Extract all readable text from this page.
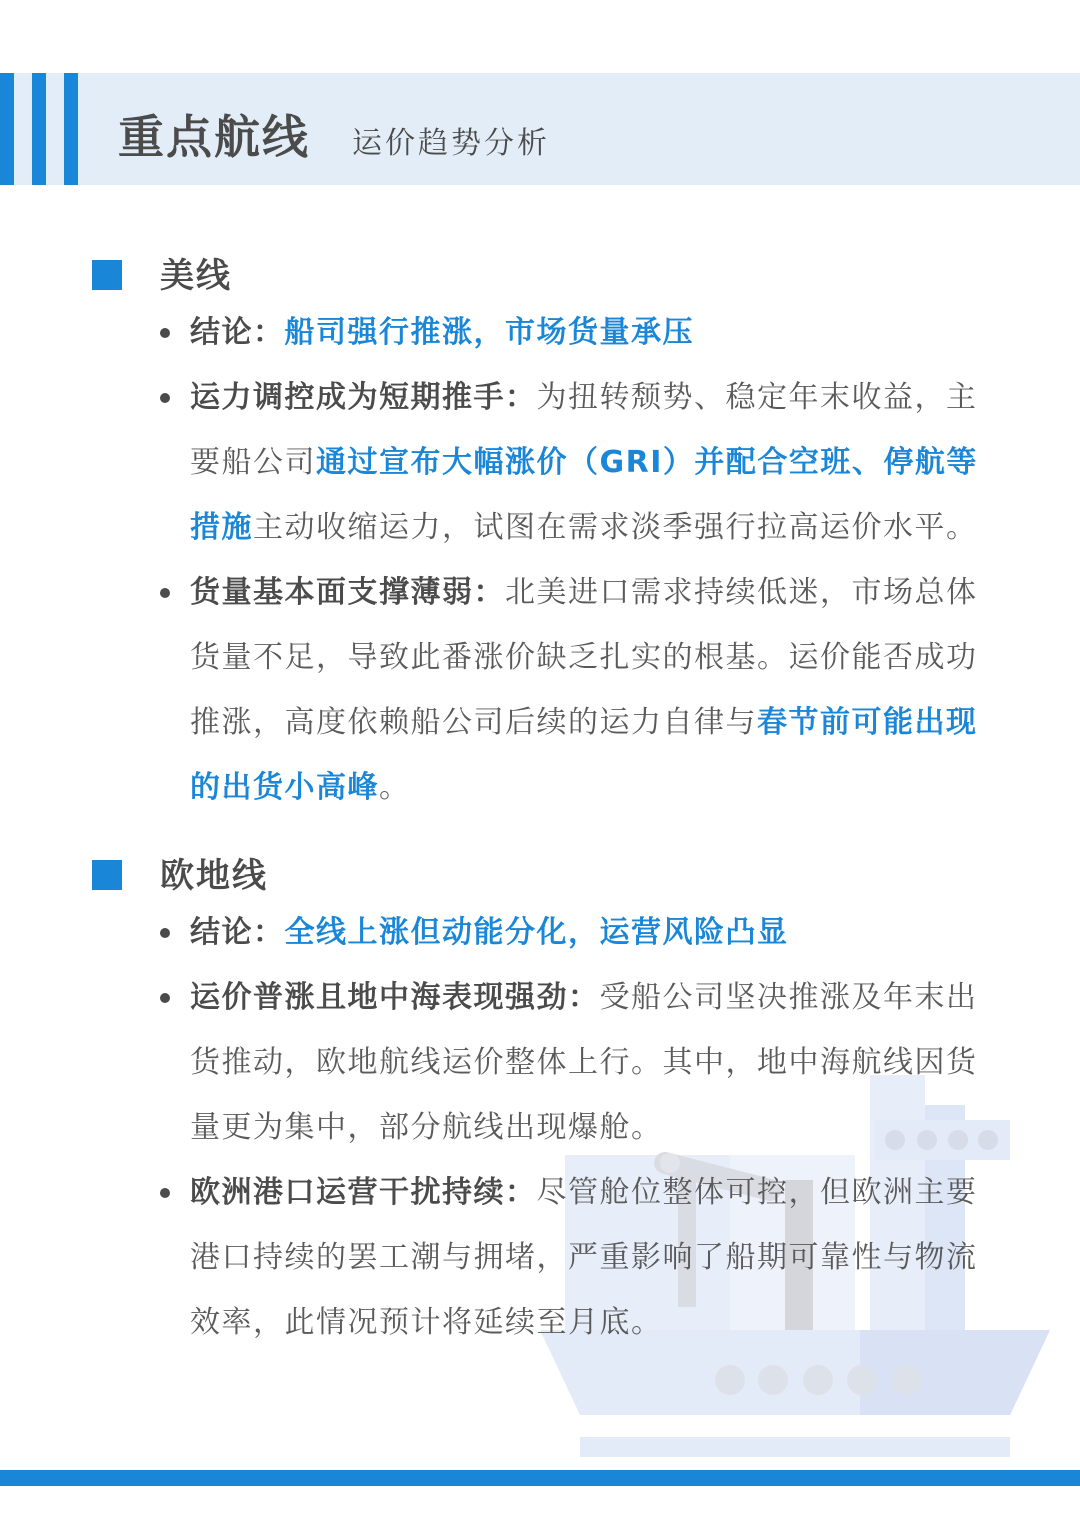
重点航线 运价趋势分析
美线
结论：船司强行推涨，市场货量承压
运力调控成为短期推手：为扭转颓势、稳定年末收益，主要船公司通过宣布大幅涨价（GRI）并配合空班、停航等措施主动收缩运力，试图在需求淡季强行拉高运价水平。
货量基本面支撑薄弱：北美进口需求持续低迷，市场总体货量不足，导致此番涨价缺乏扎实的根基。运价能否成功推涨，高度依赖船公司后续的运力自律与春节前可能出现的出货小高峰。
欧地线
结论：全线上涨但动能分化，运营风险凸显
运价普涨且地中海表现强劲：受船公司坚决推涨及年末出货推动，欧地航线运价整体上行。其中，地中海航线因货量更为集中，部分航线出现爆舱。
欧洲港口运营干扰持续：尽管舱位整体可控，但欧洲主要港口持续的罢工潮与拥堵，严重影响了船期可靠性与物流效率，此情况预计将延续至月底。
